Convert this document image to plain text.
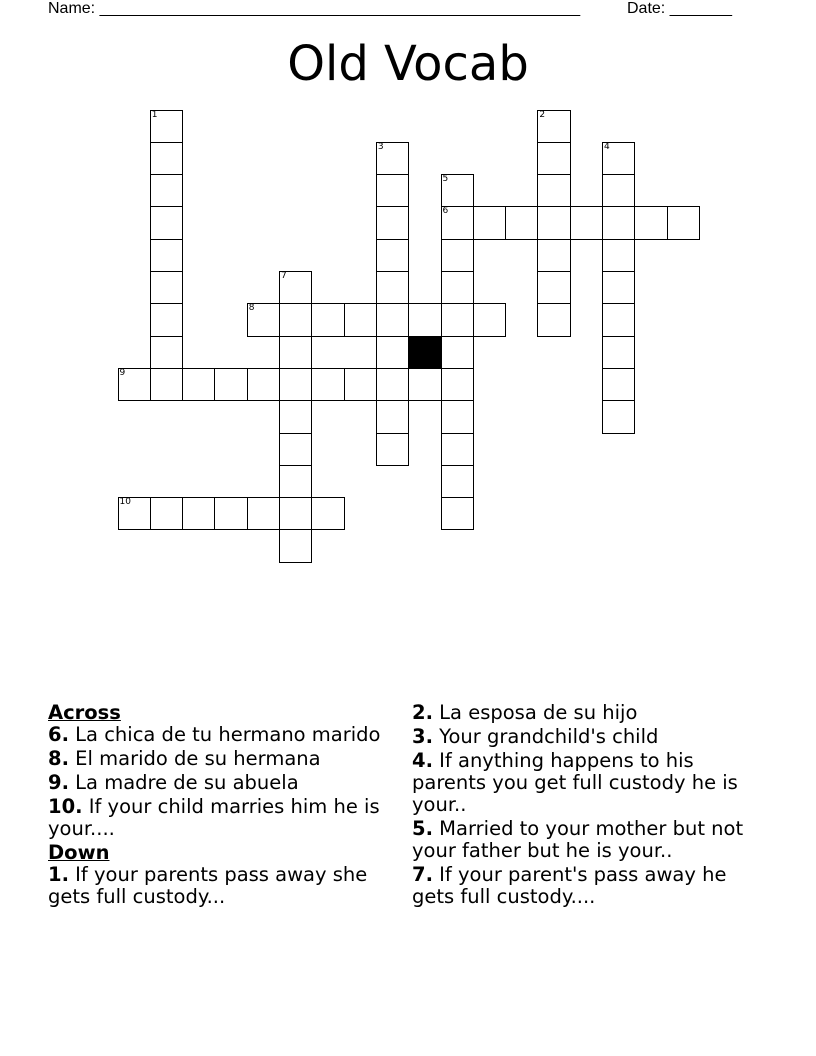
Name: ______________________________________________________	Date: _______
Old Vocab
1	2
3	4
5
6
7
8
9
10

Across

6. La chica de tu hermano marido

8. El marido de su hermana

9. La madre de su abuela

10. If your child marries him he is your....

Down

1. If your parents pass away she gets full custody...

2. La esposa de su hijo

3. Your grandchild's child

4. If anything happens to his parents you get full custody he is your..

5. Married to your mother but not your father but he is your..

7. If your parent's pass away he gets full custody....
